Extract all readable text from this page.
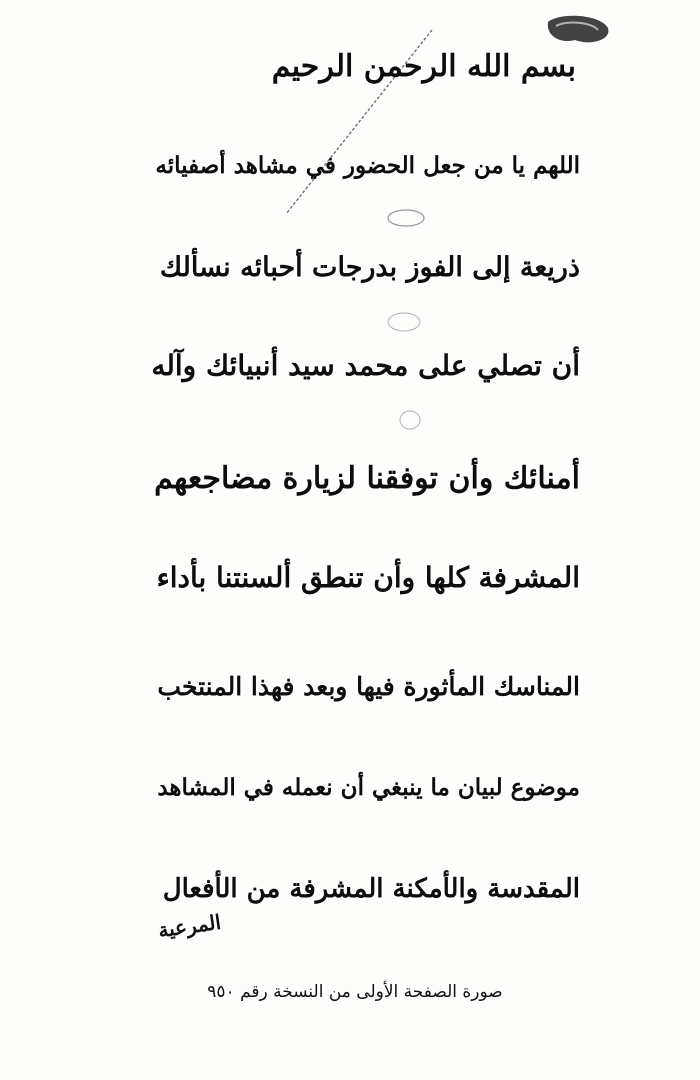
بسم الله الرحمن الرحيم
اللهم يا من جعل الحضور في مشاهد أصفيائه
ذريعة إلى الفوز بدرجات أحبائه نسألك
أن تصلي على محمد سيد أنبيائك وآله
أمنائك وأن توفقنا لزيارة مضاجعهم
المشرفة كلها وأن تنطق ألسنتنا بأداء
المناسك المأثورة فيها وبعد فهذا المنتخب
موضوع لبيان ما ينبغي أن نعمله في المشاهد
المقدسة والأمكنة المشرفة من الأفعال
المرعية
صورة الصفحة الأولى من النسخة رقم ٩٥٠
